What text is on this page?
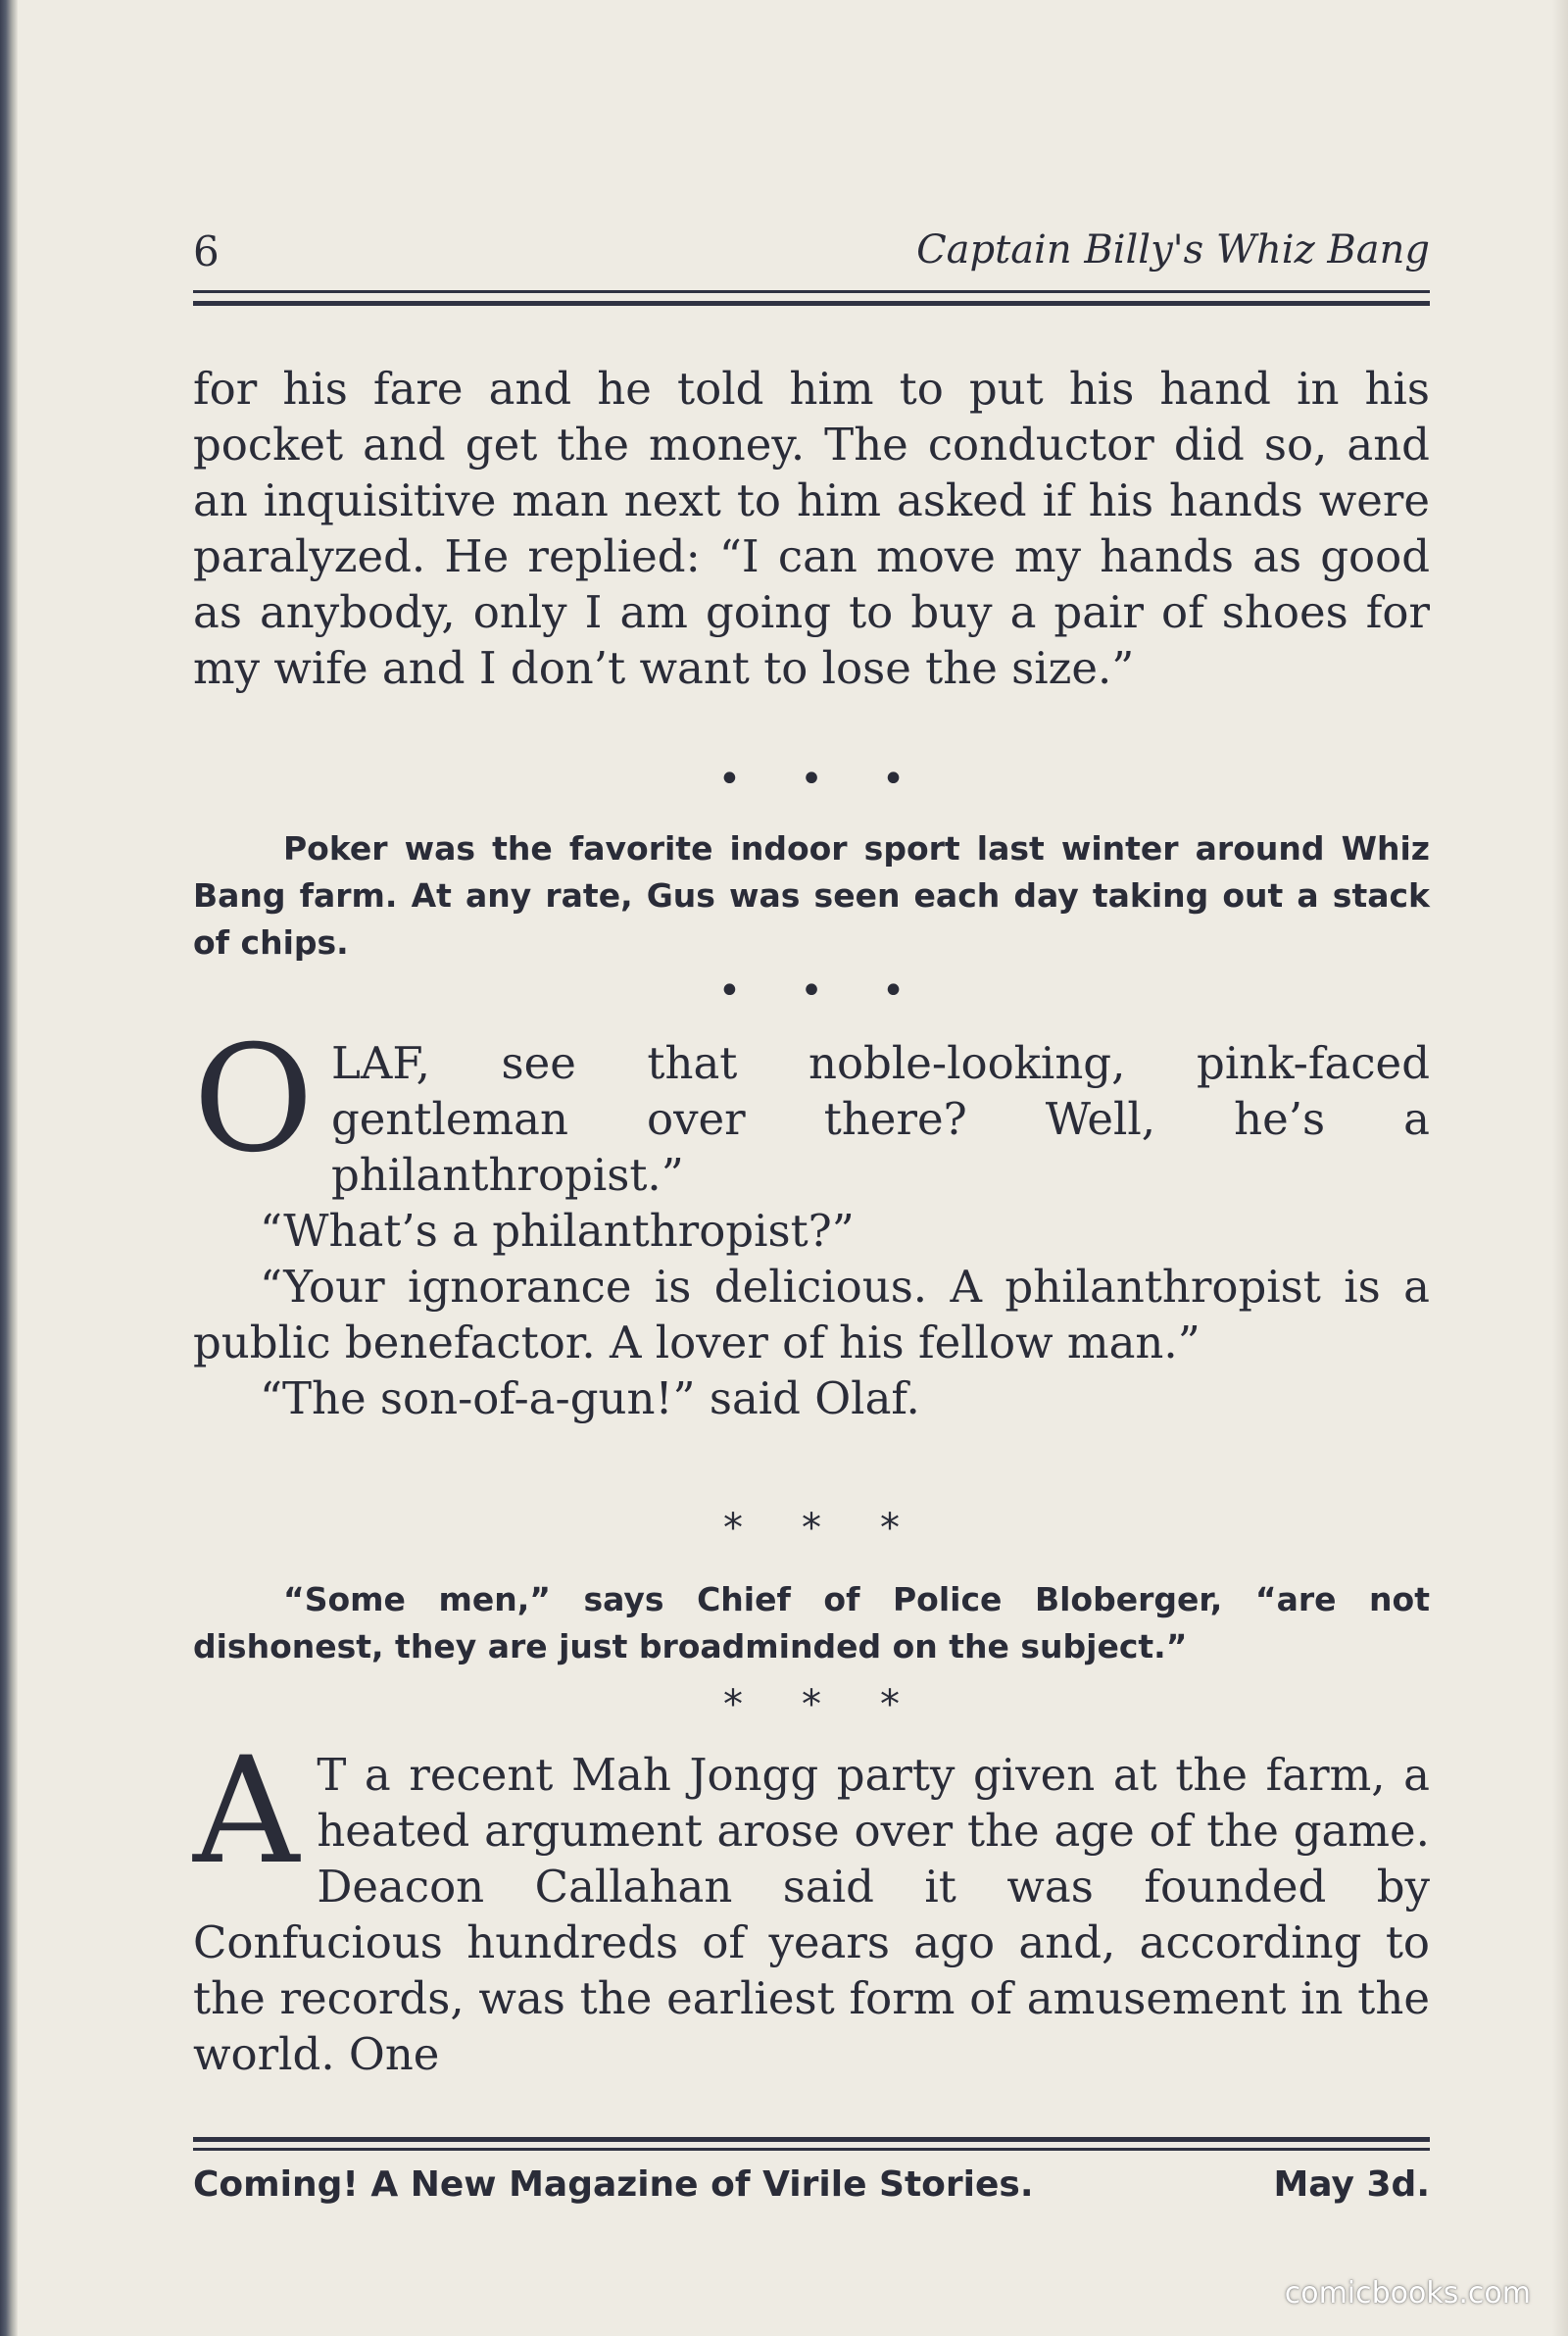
6	Captain Billy's Whiz Bang

for his fare and he told him to put his hand in his pocket and get the money. The conductor did so, and an inquisitive man next to him asked if his hands were paralyzed. He replied: “I can move my hands as good as anybody, only I am going to buy a pair of shoes for my wife and I don’t want to lose the size.”

•••

Poker was the favorite indoor sport last winter around Whiz Bang farm. At any rate, Gus was seen each day taking out a stack of chips.

•••
O LAF, see that noble-looking, pink-faced gentleman over there? Well, he’s a philanthropist.”

“What’s a philanthropist?”

“Your ignorance is delicious. A philanthropist is a public benefactor. A lover of his fellow man.”

“The son-of-a-gun!” said Olaf.

***

“Some men,” says Chief of Police Bloberger, “are not dishonest, they are just broadminded on the subject.”

***
A T a recent Mah Jongg party given at the farm, a heated argument arose over the age of the game. Deacon Callahan said it was founded by Confucious hundreds of years ago and, according to the records, was the earliest form of amusement in the world. One

Coming! A New Magazine of Virile Stories.	May 3d.
comicbooks.com
